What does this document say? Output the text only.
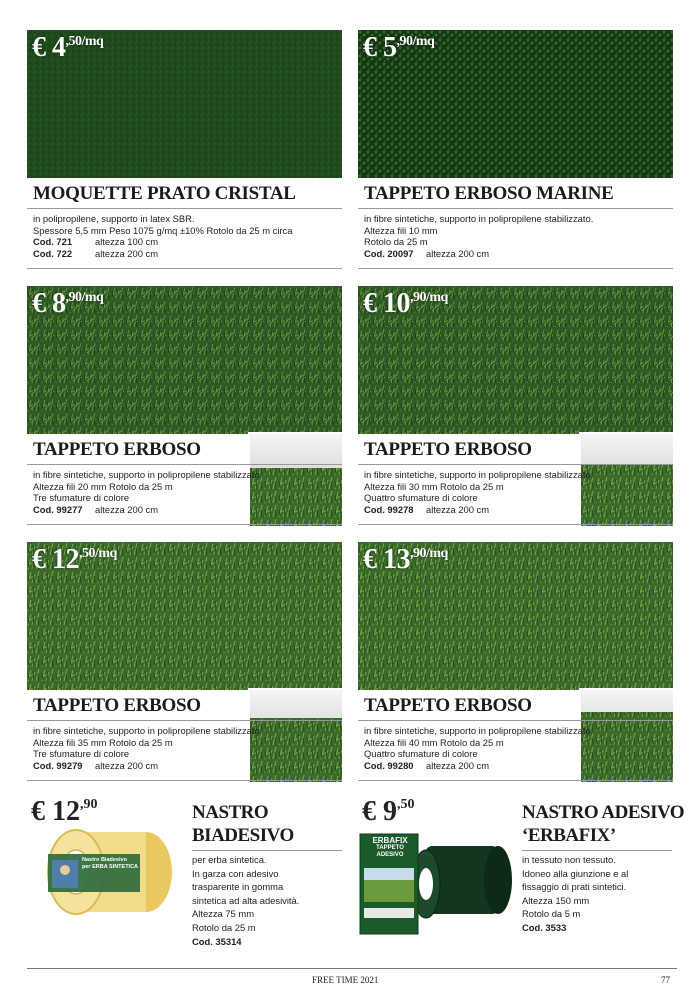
€ $4^{,50/mq}$
MOQUETTE PRATO CRISTAL
in polipropilene, supporto in latex SBR.
Spessore 5,5 mm Peso 1075 g/mq ±10% Rotolo da 25 m circa
Cod. 721 altezza 100 cm
Cod. 722 altezza 200 cm
€ $5^{,90/mq}$
TAPPETO ERBOSO MARINE
in fibre sintetiche, supporto in polipropilene stabilizzato.
Altezza fili 10 mm
Rotolo da 25 m
Cod. 20097 altezza 200 cm
€ $8^{,90/mq}$
TAPPETO ERBOSO
in fibre sintetiche, supporto in polipropilene stabilizzato.
Altezza fili 20 mm Rotolo da 25 m
Tre sfumature di colore
Cod. 99277 altezza 200 cm
€ $10^{,90/mq}$
TAPPETO ERBOSO
in fibre sintetiche, supporto in polipropilene stabilizzato.
Altezza fili 30 mm Rotolo da 25 m
Quattro sfumature di colore
Cod. 99278 altezza 200 cm
€ $12^{,50/mq}$
TAPPETO ERBOSO
in fibre sintetiche, supporto in polipropilene stabilizzato.
Altezza fili 35 mm Rotolo da 25 m
Tre sfumature di colore
Cod. 99279 altezza 200 cm
€ $13^{,90/mq}$
TAPPETO ERBOSO
in fibre sintetiche, supporto in polipropilene stabilizzato.
Altezza fili 40 mm Rotolo da 25 m
Quattro sfumature di colore
Cod. 99280 altezza 200 cm
€ $12^{,90}$
Nastro Biadesivo
per ERBA SINTETICA
NASTRO
BIADESIVO
per erba sintetica.
In garza con adesivo
trasparente in gomma
sintetica ad alta adesività.
Altezza 75 mm
Rotolo da 25 m
Cod. 35314
€ $9^{,50}$
ERBAFIX
TAPPETO
ADESIVO
NASTRO ADESIVO
‘ERBAFIX’
in tessuto non tessuto.
Idoneo alla giunzione e al
fissaggio di prati sintetici.
Altezza 150 mm
Rotolo da 5 m
Cod. 3533
FREE TIME 2021	77
